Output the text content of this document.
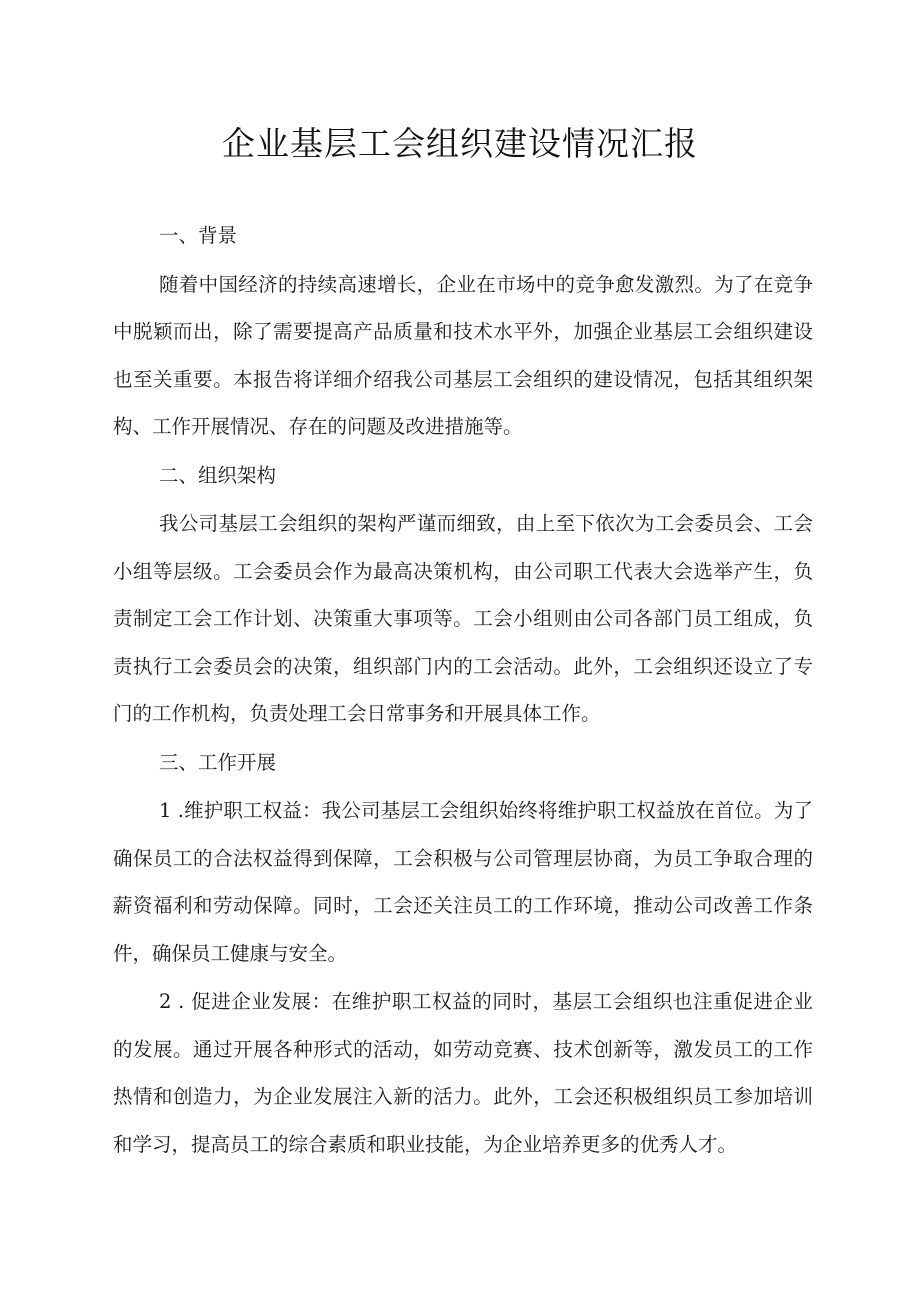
企业基层工会组织建设情况汇报

一、背景

随着中国经济的持续高速增长，企业在市场中的竞争愈发激烈。为了在竞争中脱颖而出，除了需要提高产品质量和技术水平外，加强企业基层工会组织建设也至关重要。本报告将详细介绍我公司基层工会组织的建设情况，包括其组织架构、工作开展情况、存在的问题及改进措施等。

二、组织架构

我公司基层工会组织的架构严谨而细致，由上至下依次为工会委员会、工会小组等层级。工会委员会作为最高决策机构，由公司职工代表大会选举产生，负责制定工会工作计划、决策重大事项等。工会小组则由公司各部门员工组成，负责执行工会委员会的决策，组织部门内的工会活动。此外，工会组织还设立了专门的工作机构，负责处理工会日常事务和开展具体工作。

三、工作开展

1 .维护职工权益：我公司基层工会组织始终将维护职工权益放在首位。为了确保员工的合法权益得到保障，工会积极与公司管理层协商，为员工争取合理的薪资福利和劳动保障。同时，工会还关注员工的工作环境，推动公司改善工作条件，确保员工健康与安全。

2 . 促进企业发展：在维护职工权益的同时，基层工会组织也注重促进企业的发展。通过开展各种形式的活动，如劳动竞赛、技术创新等，激发员工的工作热情和创造力，为企业发展注入新的活力。此外，工会还积极组织员工参加培训和学习，提高员工的综合素质和职业技能，为企业培养更多的优秀人才。
